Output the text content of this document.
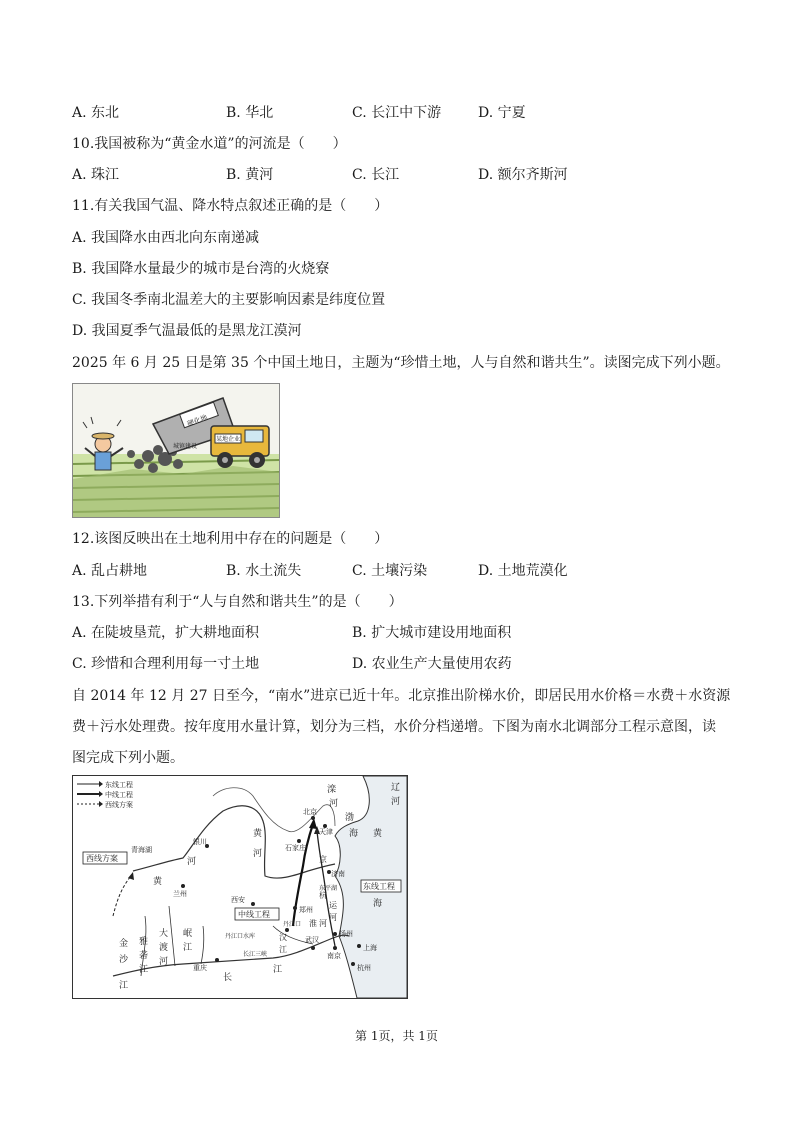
A. 东北	B. 华北	C. 长江中下游	D. 宁夏
10.我国被称为“黄金水道”的河流是（　　）
A. 珠江	B. 黄河	C. 长江	D. 额尔齐斯河
11.有关我国气温、降水特点叙述正确的是（　　）
A. 我国降水由西北向东南递减
B. 我国降水量最少的城市是台湾的火烧寮
C. 我国冬季南北温差大的主要影响因素是纬度位置
D. 我国夏季气温最低的是黑龙江漠河
2025 年 6 月 25 日是第 35 个中国土地日，主题为“珍惜土地，人与自然和谐共生”。读图完成下列小题。
硬化地
某地企业
城镇建设
12.该图反映出在土地利用中存在的问题是（　　）
A. 乱占耕地	B. 水土流失	C. 土壤污染	D. 土地荒漠化
13.下列举措有利于“人与自然和谐共生”的是（　　）
A. 在陡坡垦荒，扩大耕地面积	B. 扩大城市建设用地面积
C. 珍惜和合理利用每一寸土地	D. 农业生产大量使用农药
自 2014 年 12 月 27 日至今，“南水”进京已近十年。北京推出阶梯水价，即居民用水价格＝水费＋水资源
费＋污水处理费。按年度用水量计算，划分为三档，水价分档递增。下图为南水北调部分工程示意图，读
图完成下列小题。
东线工程
中线工程
西线方案
西线方案
中线工程
东线工程
北京
天津
石家庄
银川
兰州
西安
郑州
济南
东平湖
扬州
南京
上海
杭州
武汉
重庆
丹江口
丹江口水库
长江三峡
青海湖
黄
河
黄
河
渤
海 黄
海
滦
河
辽
河
运
河
淮 河
汉
江
长
江
金
沙
江
雅
砻
江
大
渡
河
岷
江
京
杭
第 1页，共 1页
